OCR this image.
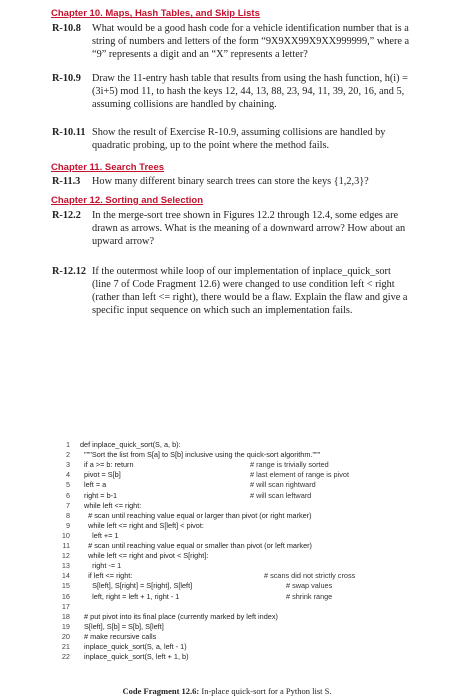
Chapter 10. Maps, Hash Tables, and Skip Lists
R-10.8 What would be a good hash code for a vehicle identification number that is a string of numbers and letters of the form “9X9XX99X9XX999999,” where a “9” represents a digit and an “X” represents a letter?
R-10.9 Draw the 11-entry hash table that results from using the hash function, h(i) = (3i+5) mod 11, to hash the keys 12, 44, 13, 88, 23, 94, 11, 39, 20, 16, and 5, assuming collisions are handled by chaining.
R-10.11 Show the result of Exercise R-10.9, assuming collisions are handled by quadratic probing, up to the point where the method fails.
Chapter 11. Search Trees
R-11.3 How many different binary search trees can store the keys {1,2,3}?
Chapter 12. Sorting and Selection
R-12.2 In the merge-sort tree shown in Figures 12.2 through 12.4, some edges are drawn as arrows. What is the meaning of a downward arrow? How about an upward arrow?
R-12.12 If the outermost while loop of our implementation of inplace_quick_sort (line 7 of Code Fragment 12.6) were changed to use condition left < right (rather than left <= right), there would be a flaw. Explain the flaw and give a specific input sequence on which such an implementation fails.
1 def inplace_quick_sort(S, a, b):
2 """Sort the list from S[a] to S[b] inclusive using the quick-sort algorithm."""
3 if a >= b: return	# range is trivially sorted
4 pivot = S[b]	# last element of range is pivot
5 left = a	# will scan rightward
6 right = b-1	# will scan leftward
7 while left <= right:
8 # scan until reaching value equal or larger than pivot (or right marker)
9 while left <= right and S[left] < pivot:
10 left += 1
11 # scan until reaching value equal or smaller than pivot (or left marker)
12 while left <= right and pivot < S[right]:
13 right -= 1
14 if left <= right:	# scans did not strictly cross
15 S[left], S[right] = S[right], S[left]	# swap values
16 left, right = left + 1, right - 1	# shrink range
17
18 # put pivot into its final place (currently marked by left index)
19 S[left], S[b] = S[b], S[left]
20 # make recursive calls
21 inplace_quick_sort(S, a, left - 1)
22 inplace_quick_sort(S, left + 1, b)
Code Fragment 12.6: In-place quick-sort for a Python list S.
